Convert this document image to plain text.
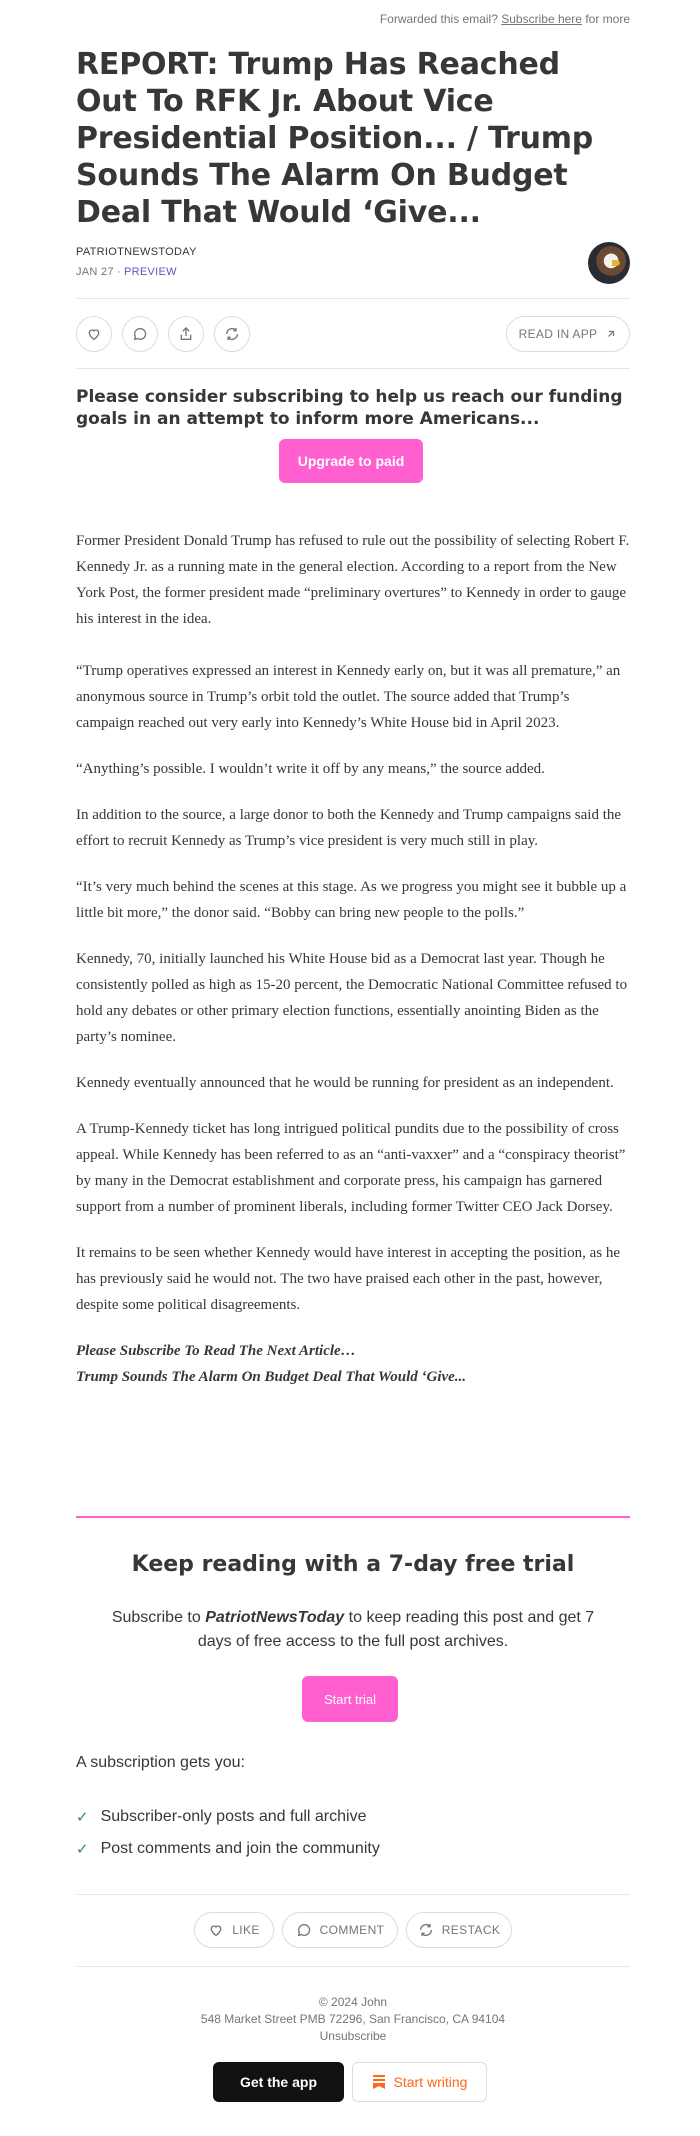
Forwarded this email? Subscribe here for more
REPORT: Trump Has Reached Out To RFK Jr. About Vice Presidential Position... / Trump Sounds The Alarm On Budget Deal That Would ‘Give...
PATRIOTNEWSTODAY
JAN 27 ∙ PREVIEW
READ IN APP
Please consider subscribing to help us reach our funding goals in an attempt to inform more Americans...
Upgrade to paid

Former President Donald Trump has refused to rule out the possibility of selecting Robert F. Kennedy Jr. as a running mate in the general election. According to a report from the New York Post, the former president made “preliminary overtures” to Kennedy in order to gauge his interest in the idea.

“Trump operatives expressed an interest in Kennedy early on, but it was all premature,” an anonymous source in Trump’s orbit told the outlet. The source added that Trump’s campaign reached out very early into Kennedy’s White House bid in April 2023.

“Anything’s possible. I wouldn’t write it off by any means,” the source added.

In addition to the source, a large donor to both the Kennedy and Trump campaigns said the effort to recruit Kennedy as Trump’s vice president is very much still in play.

“It’s very much behind the scenes at this stage. As we progress you might see it bubble up a little bit more,” the donor said. “Bobby can bring new people to the polls.”

Kennedy, 70, initially launched his White House bid as a Democrat last year. Though he consistently polled as high as 15-20 percent, the Democratic National Committee refused to hold any debates or other primary election functions, essentially anointing Biden as the party’s nominee.

Kennedy eventually announced that he would be running for president as an independent.

A Trump-Kennedy ticket has long intrigued political pundits due to the possibility of cross appeal. While Kennedy has been referred to as an “anti-vaxxer” and a “conspiracy theorist” by many in the Democrat establishment and corporate press, his campaign has garnered support from a number of prominent liberals, including former Twitter CEO Jack Dorsey.

It remains to be seen whether Kennedy would have interest in accepting the position, as he has previously said he would not. The two have praised each other in the past, however, despite some political disagreements.

Please Subscribe To Read The Next Article…
Trump Sounds The Alarm On Budget Deal That Would ‘Give...
Keep reading with a 7-day free trial
Subscribe to PatriotNewsToday to keep reading this post and get 7 days of free access to the full post archives.
Start trial
A subscription gets you:
✓ Subscriber-only posts and full archive
✓ Post comments and join the community
LIKE	COMMENT	RESTACK
© 2024 John
548 Market Street PMB 72296, San Francisco, CA 94104
Unsubscribe
Get the app	Start writing
